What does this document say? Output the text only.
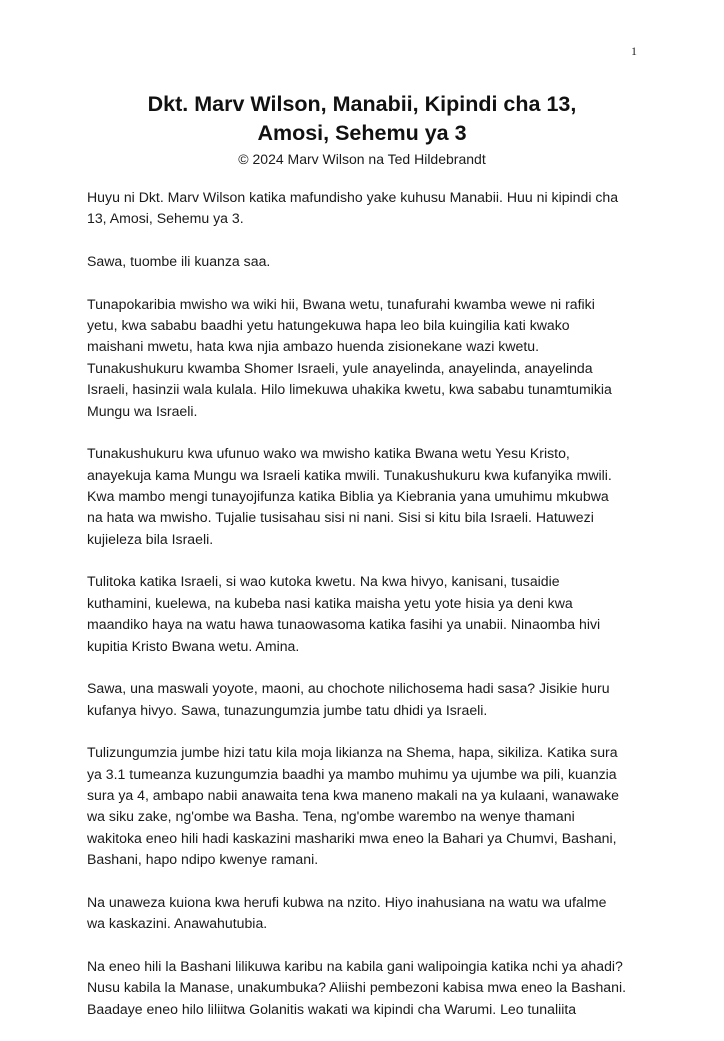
1
Dkt. Marv Wilson, Manabii, Kipindi cha 13,
Amosi, Sehemu ya 3
© 2024 Marv Wilson na Ted Hildebrandt

Huyu ni Dkt. Marv Wilson katika mafundisho yake kuhusu Manabii. Huu ni kipindi cha
13, Amosi, Sehemu ya 3.

Sawa, tuombe ili kuanza saa.

Tunapokaribia mwisho wa wiki hii, Bwana wetu, tunafurahi kwamba wewe ni rafiki
yetu, kwa sababu baadhi yetu hatungekuwa hapa leo bila kuingilia kati kwako
maishani mwetu, hata kwa njia ambazo huenda zisionekane wazi kwetu.
Tunakushukuru kwamba Shomer Israeli, yule anayelinda, anayelinda, anayelinda
Israeli, hasinzii wala kulala. Hilo limekuwa uhakika kwetu, kwa sababu tunamtumikia
Mungu wa Israeli.

Tunakushukuru kwa ufunuo wako wa mwisho katika Bwana wetu Yesu Kristo,
anayekuja kama Mungu wa Israeli katika mwili. Tunakushukuru kwa kufanyika mwili.
Kwa mambo mengi tunayojifunza katika Biblia ya Kiebrania yana umuhimu mkubwa
na hata wa mwisho. Tujalie tusisahau sisi ni nani. Sisi si kitu bila Israeli. Hatuwezi
kujieleza bila Israeli.

Tulitoka katika Israeli, si wao kutoka kwetu. Na kwa hivyo, kanisani, tusaidie
kuthamini, kuelewa, na kubeba nasi katika maisha yetu yote hisia ya deni kwa
maandiko haya na watu hawa tunaowasoma katika fasihi ya unabii. Ninaomba hivi
kupitia Kristo Bwana wetu. Amina.

Sawa, una maswali yoyote, maoni, au chochote nilichosema hadi sasa? Jisikie huru
kufanya hivyo. Sawa, tunazungumzia jumbe tatu dhidi ya Israeli.

Tulizungumzia jumbe hizi tatu kila moja likianza na Shema, hapa, sikiliza. Katika sura
ya 3.1 tumeanza kuzungumzia baadhi ya mambo muhimu ya ujumbe wa pili, kuanzia
sura ya 4, ambapo nabii anawaita tena kwa maneno makali na ya kulaani, wanawake
wa siku zake, ng'ombe wa Basha. Tena, ng'ombe warembo na wenye thamani
wakitoka eneo hili hadi kaskazini mashariki mwa eneo la Bahari ya Chumvi, Bashani,
Bashani, hapo ndipo kwenye ramani.

Na unaweza kuiona kwa herufi kubwa na nzito. Hiyo inahusiana na watu wa ufalme
wa kaskazini. Anawahutubia.

Na eneo hili la Bashani lilikuwa karibu na kabila gani walipoingia katika nchi ya ahadi?
Nusu kabila la Manase, unakumbuka? Aliishi pembezoni kabisa mwa eneo la Bashani.
Baadaye eneo hilo liliitwa Golanitis wakati wa kipindi cha Warumi. Leo tunaliita
